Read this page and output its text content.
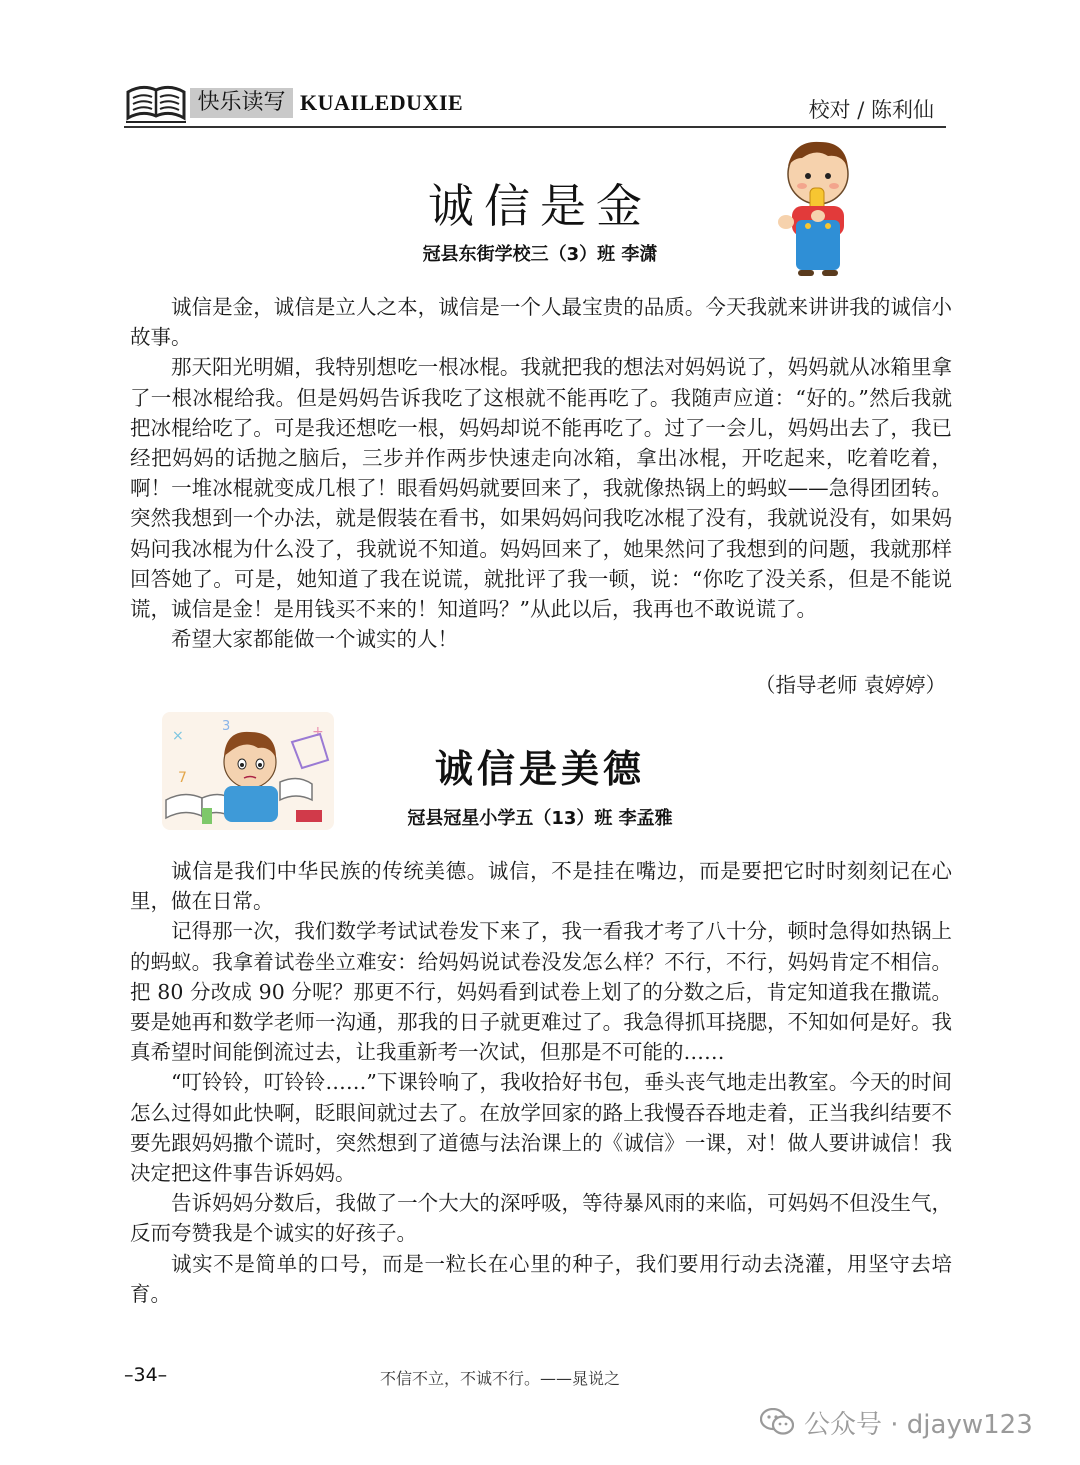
快乐读写 KUAILEDUXIE	校对 / 陈利仙
诚信是金
冠县东街学校三（3）班 李潇

诚信是金，诚信是立人之本，诚信是一个人最宝贵的品质。今天我就来讲讲我的诚信小故事。

那天阳光明媚，我特别想吃一根冰棍。我就把我的想法对妈妈说了，妈妈就从冰箱里拿了一根冰棍给我。但是妈妈告诉我吃了这根就不能再吃了。我随声应道：“好的。”然后我就把冰棍给吃了。可是我还想吃一根，妈妈却说不能再吃了。过了一会儿，妈妈出去了，我已经把妈妈的话抛之脑后，三步并作两步快速走向冰箱，拿出冰棍，开吃起来，吃着吃着，啊！一堆冰棍就变成几根了！眼看妈妈就要回来了，我就像热锅上的蚂蚁——急得团团转。突然我想到一个办法，就是假装在看书，如果妈妈问我吃冰棍了没有，我就说没有，如果妈妈问我冰棍为什么没了，我就说不知道。妈妈回来了，她果然问了我想到的问题，我就那样回答她了。可是，她知道了我在说谎，就批评了我一顿，说：“你吃了没关系，但是不能说谎，诚信是金！是用钱买不来的！知道吗？”从此以后，我再也不敢说谎了。

希望大家都能做一个诚实的人！

（指导老师 袁婷婷）
×	+
7
3
诚信是美德
冠县冠星小学五（13）班 李孟雅

诚信是我们中华民族的传统美德。诚信，不是挂在嘴边，而是要把它时时刻刻记在心里，做在日常。

记得那一次，我们数学考试试卷发下来了，我一看我才考了八十分，顿时急得如热锅上的蚂蚁。我拿着试卷坐立难安：给妈妈说试卷没发怎么样？不行，不行，妈妈肯定不相信。把 80 分改成 90 分呢？那更不行，妈妈看到试卷上划了的分数之后，肯定知道我在撒谎。要是她再和数学老师一沟通，那我的日子就更难过了。我急得抓耳挠腮，不知如何是好。我真希望时间能倒流过去，让我重新考一次试，但那是不可能的……

“叮铃铃，叮铃铃……”下课铃响了，我收拾好书包，垂头丧气地走出教室。今天的时间怎么过得如此快啊，眨眼间就过去了。在放学回家的路上我慢吞吞地走着，正当我纠结要不要先跟妈妈撒个谎时，突然想到了道德与法治课上的《诚信》一课，对！做人要讲诚信！我决定把这件事告诉妈妈。

告诉妈妈分数后，我做了一个大大的深呼吸，等待暴风雨的来临，可妈妈不但没生气，反而夸赞我是个诚实的好孩子。

诚实不是简单的口号，而是一粒长在心里的种子，我们要用行动去浇灌，用坚守去培育。

–34–	不信不立，不诚不行。——晁说之
公众号 · djayw123
